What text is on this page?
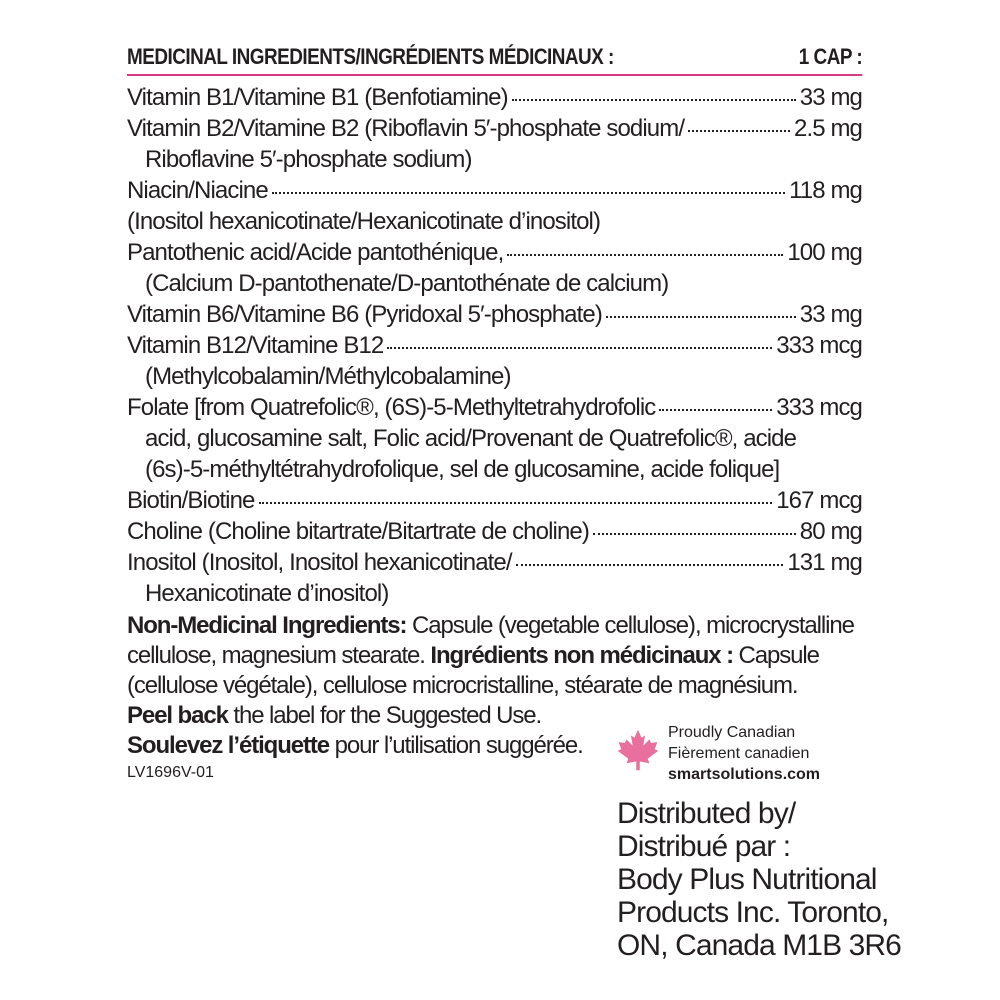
MEDICINAL INGREDIENTS/INGRÉDIENTS MÉDICINAUX :	1 CAP :
Vitamin B1/Vitamine B1 (Benfotiamine)	33 mg
Vitamin B2/Vitamine B2 (Riboflavin 5′-phosphate sodium/	2.5 mg
Riboflavine 5′-phosphate sodium)
Niacin/Niacine	118 mg
(Inositol hexanicotinate/Hexanicotinate d’inositol)
Pantothenic acid/Acide pantothénique,	100 mg
(Calcium D-pantothenate/D-pantothénate de calcium)
Vitamin B6/Vitamine B6 (Pyridoxal 5′-phosphate)	33 mg
Vitamin B12/Vitamine B12	333 mcg
(Methylcobalamin/Méthylcobalamine)
Folate [from Quatrefolic®, (6S)-5-Methyltetrahydrofolic	333 mcg
acid, glucosamine salt, Folic acid/Provenant de Quatrefolic®, acide
(6s)-5-méthyltétrahydrofolique, sel de glucosamine, acide folique]
Biotin/Biotine	167 mcg
Choline (Choline bitartrate/Bitartrate de choline)	80 mg
Inositol (Inositol, Inositol hexanicotinate/	131 mg
Hexanicotinate d’inositol)
Non-Medicinal Ingredients: Capsule (vegetable cellulose), microcrystalline cellulose, magnesium stearate. Ingrédients non médicinaux : Capsule (cellulose végétale), cellulose microcristalline, stéarate de magnésium.
Peel back the label for the Suggested Use.
Soulevez l’étiquette pour l’utilisation suggérée.
LV1696V-01
Proudly Canadian
Fièrement canadien
smartsolutions.com
Distributed by/
Distribué par :
Body Plus Nutritional
Products Inc. Toronto,
ON, Canada M1B 3R6
